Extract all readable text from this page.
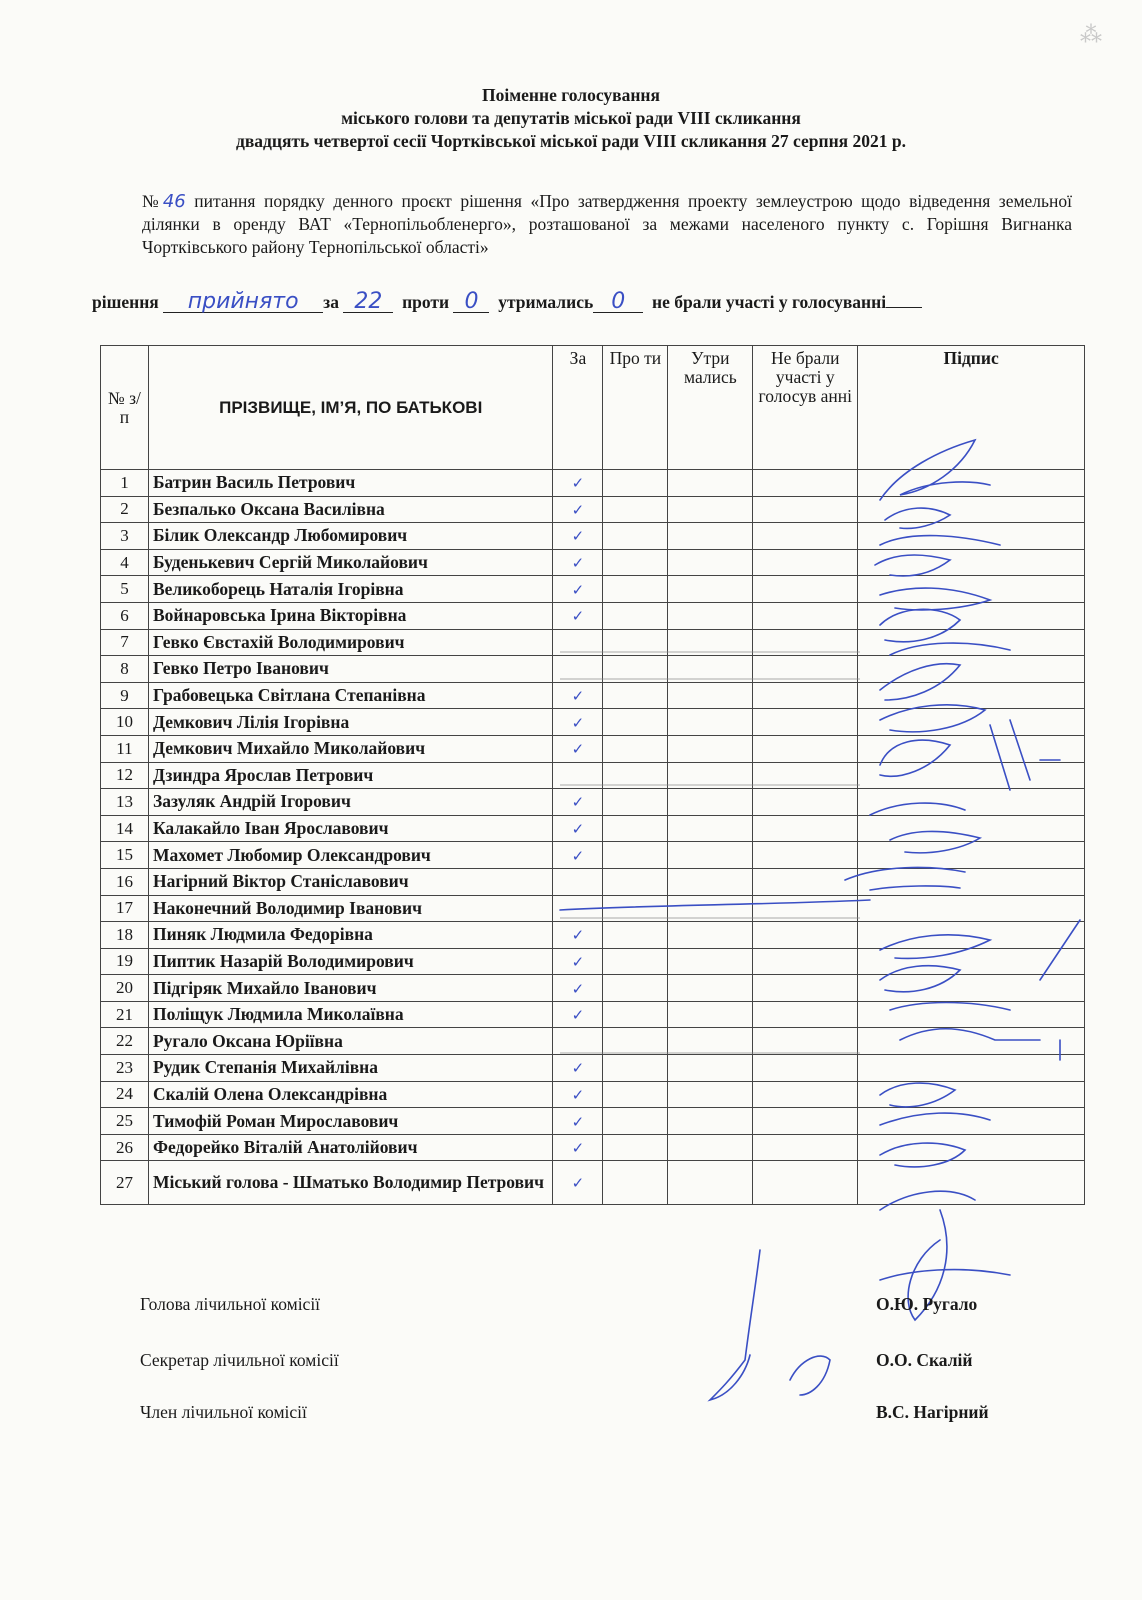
⁂
Поіменне голосування
міського голови та депутатів міської ради VIII скликання
двадцять четвертої сесії Чортківської міської ради VIII скликання 27 серпня 2021 р.
№46 питання порядку денного проєкт рішення «Про затвердження проекту землеустрою щодо відведення земельної ділянки в оренду ВАТ «Тернопільобленерго», розташованої за межами населеного пункту с. Горішня Вигнанка Чортківського району Тернопільської області»
рішення прийнято за 22 проти 0 утримались 0 не брали участі у голосуванні
№ з/п	ПРІЗВИЩЕ, ІМ’Я, ПО БАТЬКОВІ	За	Про ти	Утри мались	Не брали участі у голосув анні	Підпис
1	Батрин Василь Петрович	✓				
2	Безпалько Оксана Василівна	✓				
3	Білик Олександр Любомирович	✓				
4	Буденькевич Сергій Миколайович	✓				
5	Великоборець Наталія Ігорівна	✓				
6	Войнаровська Ірина Вікторівна	✓				
7	Гевко Євстахій Володимирович					
8	Гевко Петро Іванович					
9	Грабовецька Світлана Степанівна	✓				
10	Демкович Лілія Ігорівна	✓				
11	Демкович Михайло Миколайович	✓				
12	Дзиндра Ярослав Петрович					
13	Зазуляк Андрій Ігорович	✓				
14	Калакайло Іван Ярославович	✓				
15	Махомет Любомир Олександрович	✓				
16	Нагірний Віктор Станіславович					
17	Наконечний Володимир Іванович					
18	Пиняк Людмила Федорівна	✓				
19	Пиптик Назарій Володимирович	✓				
20	Підгіряк Михайло Іванович	✓				
21	Поліщук Людмила Миколаївна	✓				
22	Ругало Оксана Юріївна					
23	Рудик Степанія Михайлівна	✓				
24	Скалій Олена Олександрівна	✓				
25	Тимофій Роман Мирославович	✓				
26	Федорейко Віталій Анатолійович	✓				
27	Міський голова - Шматько Володимир Петрович	✓				
Голова лічильної комісії	О.Ю. Ругало
Секретар лічильної комісії	О.О. Скалій
Член лічильної комісії	В.С. Нагірний
